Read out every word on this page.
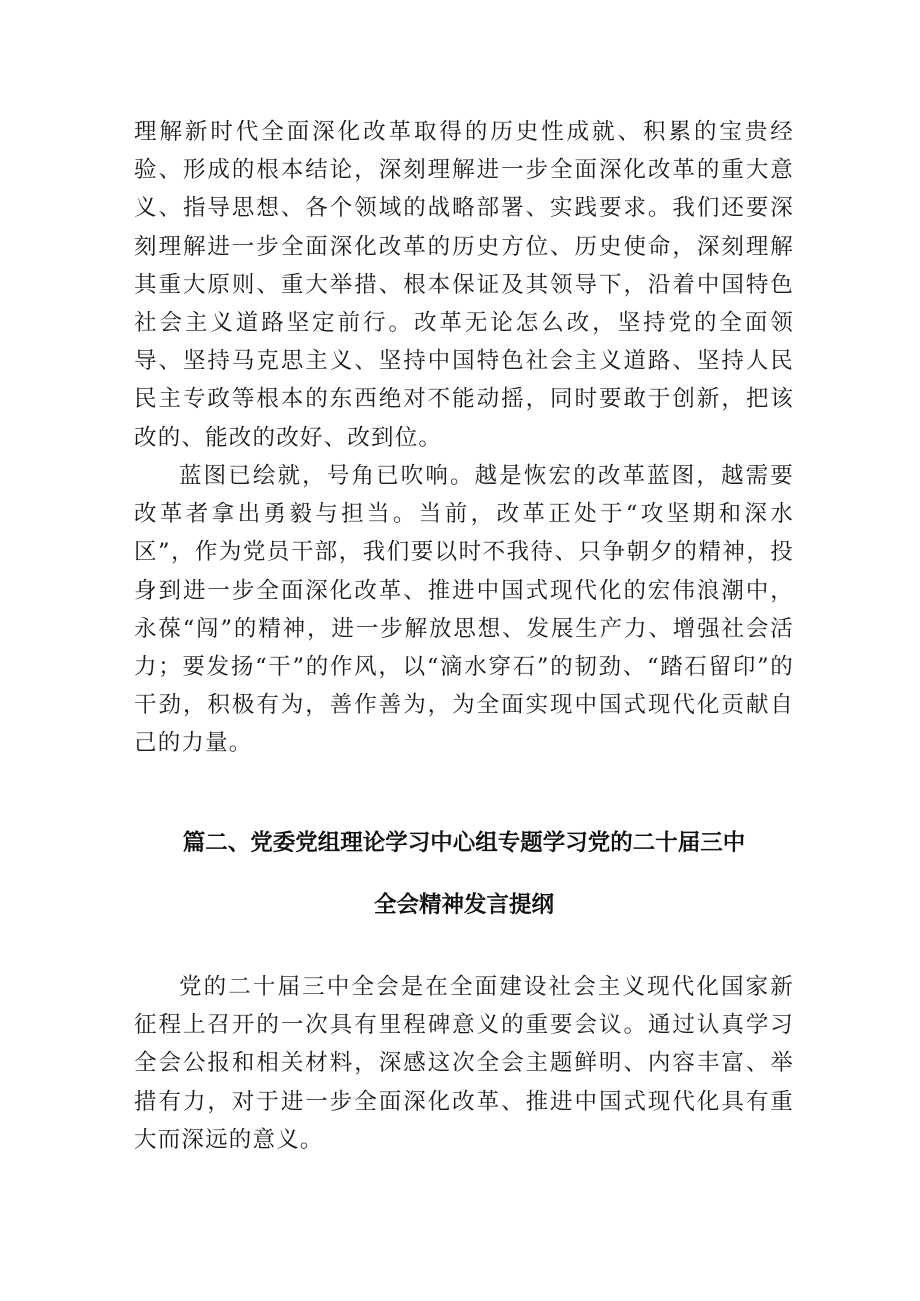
理解新时代全面深化改革取得的历史性成就、积累的宝贵经验、形成的根本结论，深刻理解进一步全面深化改革的重大意义、指导思想、各个领域的战略部署、实践要求。我们还要深刻理解进一步全面深化改革的历史方位、历史使命，深刻理解其重大原则、重大举措、根本保证及其领导下，沿着中国特色社会主义道路坚定前行。改革无论怎么改，坚持党的全面领导、坚持马克思主义、坚持中国特色社会主义道路、坚持人民民主专政等根本的东西绝对不能动摇，同时要敢于创新，把该改的、能改的改好、改到位。

蓝图已绘就，号角已吹响。越是恢宏的改革蓝图，越需要改革者拿出勇毅与担当。当前，改革正处于“攻坚期和深水区”，作为党员干部，我们要以时不我待、只争朝夕的精神，投身到进一步全面深化改革、推进中国式现代化的宏伟浪潮中，永葆“闯”的精神，进一步解放思想、发展生产力、增强社会活力；要发扬“干”的作风，以“滴水穿石”的韧劲、“踏石留印”的干劲，积极有为，善作善为，为全面实现中国式现代化贡献自己的力量。

篇二、党委党组理论学习中心组专题学习党的二十届三中
全会精神发言提纲

党的二十届三中全会是在全面建设社会主义现代化国家新征程上召开的一次具有里程碑意义的重要会议。通过认真学习全会公报和相关材料，深感这次全会主题鲜明、内容丰富、举措有力，对于进一步全面深化改革、推进中国式现代化具有重大而深远的意义。
